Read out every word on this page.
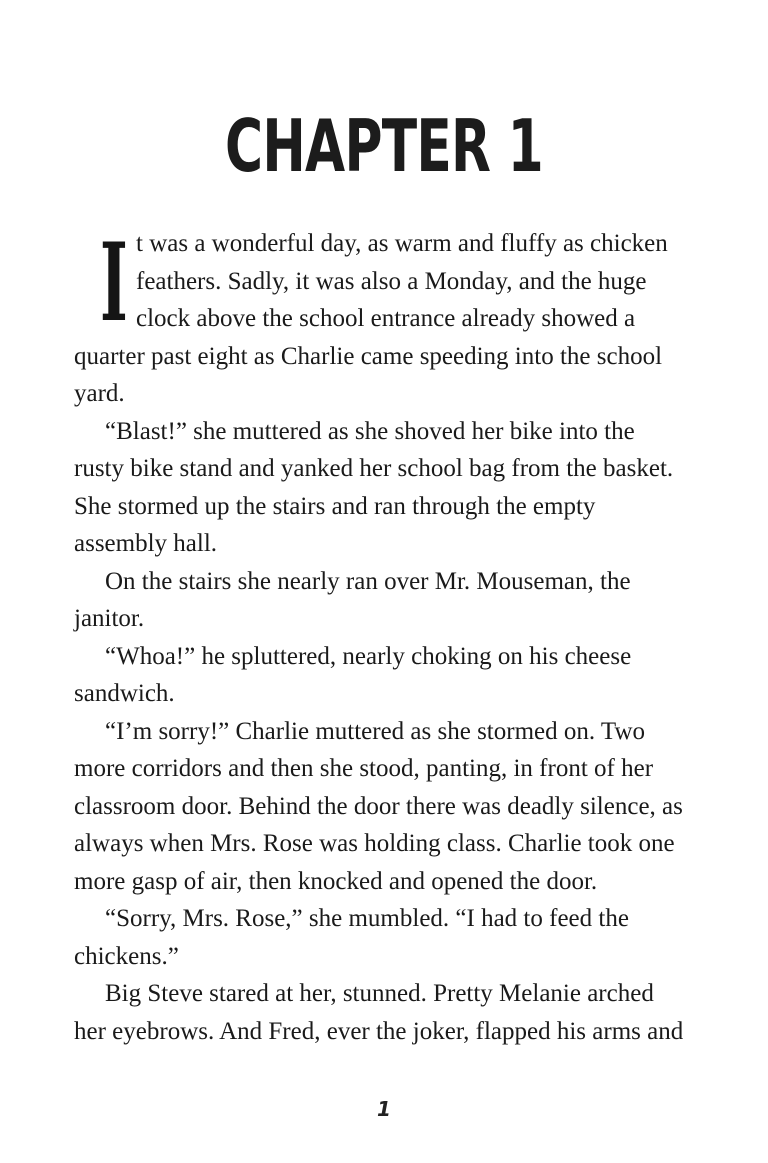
CHAPTER 1

It was a wonderful day, as warm and fluffy as chicken feathers. Sadly, it was also a Monday, and the huge clock above the school entrance already showed a quarter past eight as Charlie came speeding into the school yard.

“Blast!” she muttered as she shoved her bike into the rusty bike stand and yanked her school bag from the basket. She stormed up the stairs and ran through the empty assembly hall.

On the stairs she nearly ran over Mr. Mouseman, the janitor.

“Whoa!” he spluttered, nearly choking on his cheese sandwich.

“I’m sorry!” Charlie muttered as she stormed on. Two more corridors and then she stood, panting, in front of her classroom door. Behind the door there was deadly silence, as always when Mrs. Rose was holding class. Charlie took one more gasp of air, then knocked and opened the door.

“Sorry, Mrs. Rose,” she mumbled. “I had to feed the chickens.”

Big Steve stared at her, stunned. Pretty Melanie arched her eyebrows. And Fred, ever the joker, flapped his arms and

1
